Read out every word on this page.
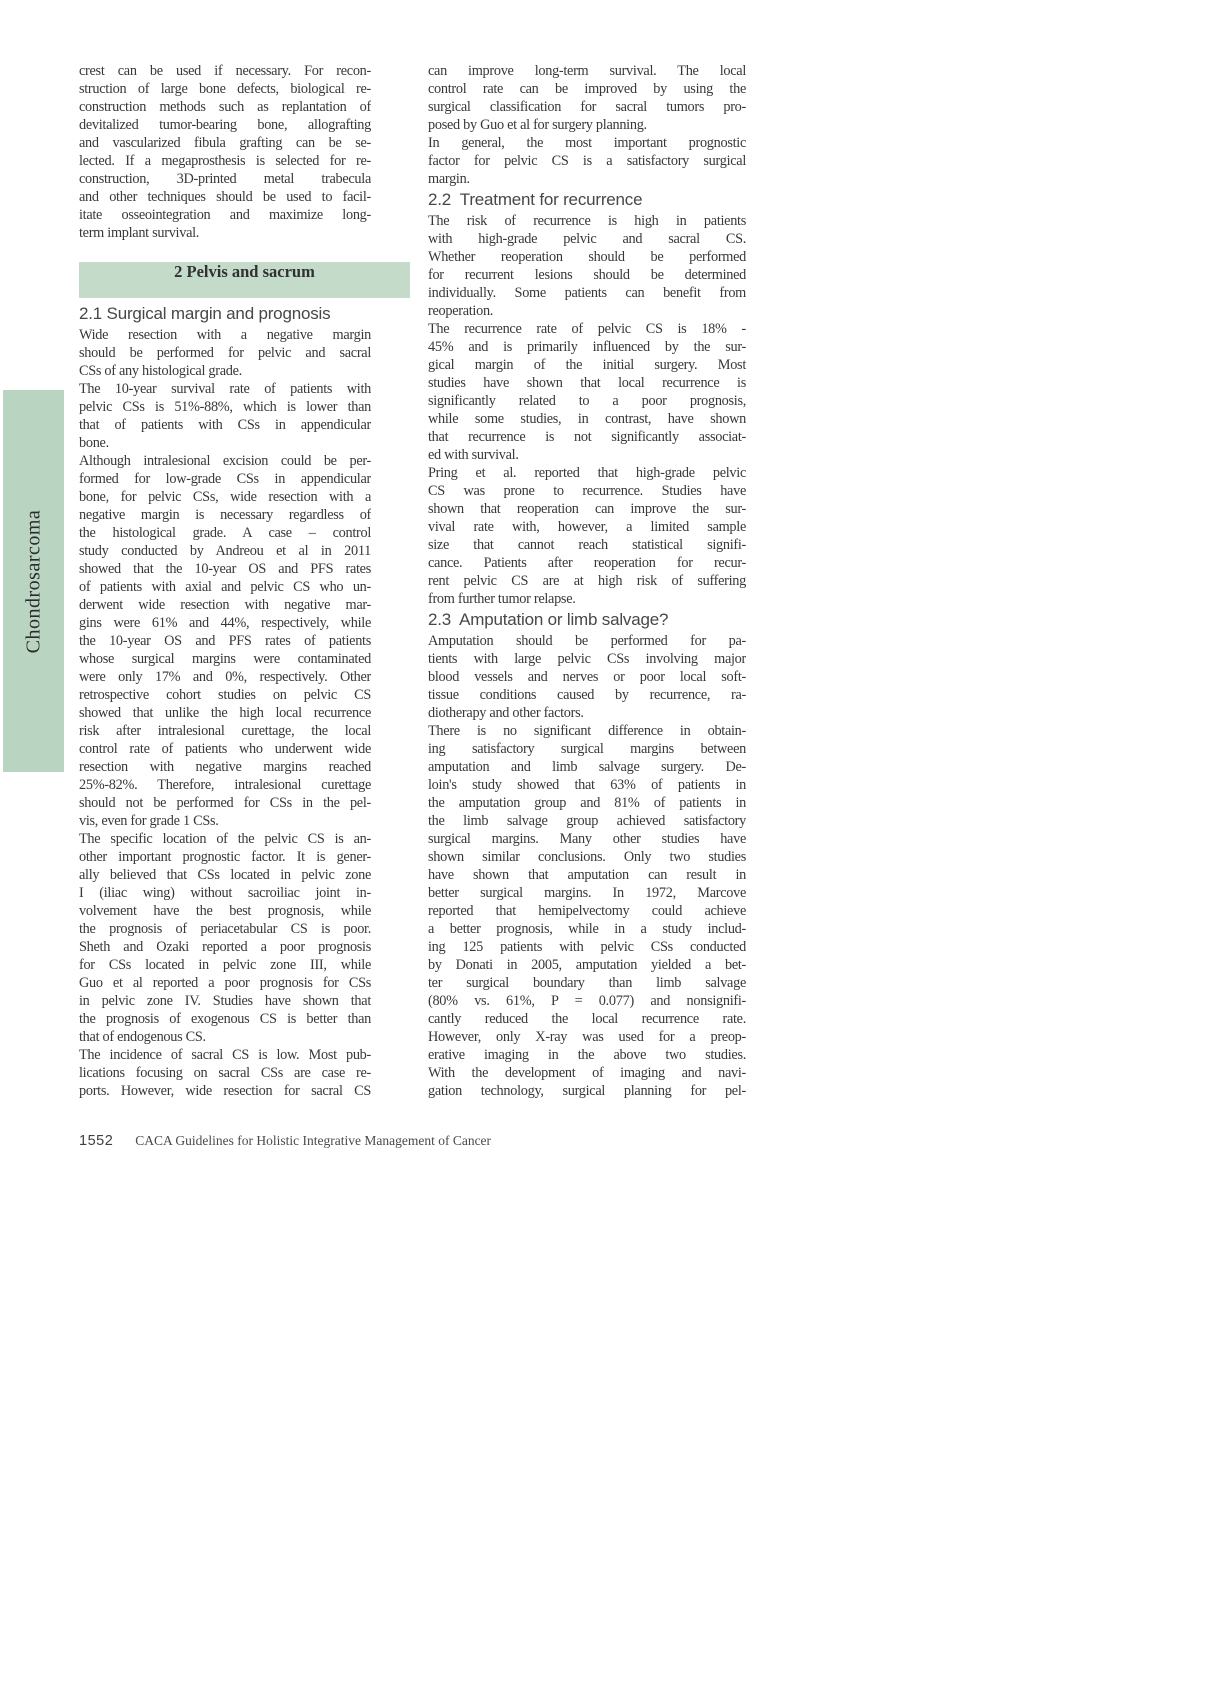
Chondrosarcoma
crest can be used if necessary. For recon-
struction of large bone defects, biological re-
construction methods such as replantation of
devitalized tumor-bearing bone, allografting
and vascularized fibula grafting can be se-
lected. If a megaprosthesis is selected for re-
construction, 3D-printed metal trabecula
and other techniques should be used to facil-
itate osseointegration and maximize long-
term implant survival.
2 Pelvis and sacrum
2.1 Surgical margin and prognosis
Wide resection with a negative margin
should be performed for pelvic and sacral
CSs of any histological grade.
The 10-year survival rate of patients with
pelvic CSs is 51%-88%, which is lower than
that of patients with CSs in appendicular
bone.
Although intralesional excision could be per-
formed for low-grade CSs in appendicular
bone, for pelvic CSs, wide resection with a
negative margin is necessary regardless of
the histological grade. A case – control
study conducted by Andreou et al in 2011
showed that the 10-year OS and PFS rates
of patients with axial and pelvic CS who un-
derwent wide resection with negative mar-
gins were 61% and 44%, respectively, while
the 10-year OS and PFS rates of patients
whose surgical margins were contaminated
were only 17% and 0%, respectively. Other
retrospective cohort studies on pelvic CS
showed that unlike the high local recurrence
risk after intralesional curettage, the local
control rate of patients who underwent wide
resection with negative margins reached
25%-82%. Therefore, intralesional curettage
should not be performed for CSs in the pel-
vis, even for grade 1 CSs.
The specific location of the pelvic CS is an-
other important prognostic factor. It is gener-
ally believed that CSs located in pelvic zone
I (iliac wing) without sacroiliac joint in-
volvement have the best prognosis, while
the prognosis of periacetabular CS is poor.
Sheth and Ozaki reported a poor prognosis
for CSs located in pelvic zone III, while
Guo et al reported a poor prognosis for CSs
in pelvic zone IV. Studies have shown that
the prognosis of exogenous CS is better than
that of endogenous CS.
The incidence of sacral CS is low. Most pub-
lications focusing on sacral CSs are case re-
ports. However, wide resection for sacral CS
can improve long-term survival. The local
control rate can be improved by using the
surgical classification for sacral tumors pro-
posed by Guo et al for surgery planning.
In general, the most important prognostic
factor for pelvic CS is a satisfactory surgical
margin.
2.2  Treatment for recurrence
The risk of recurrence is high in patients
with high-grade pelvic and sacral CS.
Whether reoperation should be performed
for recurrent lesions should be determined
individually. Some patients can benefit from
reoperation.
The recurrence rate of pelvic CS is 18% -
45% and is primarily influenced by the sur-
gical margin of the initial surgery. Most
studies have shown that local recurrence is
significantly related to a poor prognosis,
while some studies, in contrast, have shown
that recurrence is not significantly associat-
ed with survival.
Pring et al. reported that high-grade pelvic
CS was prone to recurrence. Studies have
shown that reoperation can improve the sur-
vival rate with, however, a limited sample
size that cannot reach statistical signifi-
cance. Patients after reoperation for recur-
rent pelvic CS are at high risk of suffering
from further tumor relapse.
2.3  Amputation or limb salvage?
Amputation should be performed for pa-
tients with large pelvic CSs involving major
blood vessels and nerves or poor local soft-
tissue conditions caused by recurrence, ra-
diotherapy and other factors.
There is no significant difference in obtain-
ing satisfactory surgical margins between
amputation and limb salvage surgery. De-
loin's study showed that 63% of patients in
the amputation group and 81% of patients in
the limb salvage group achieved satisfactory
surgical margins. Many other studies have
shown similar conclusions. Only two studies
have shown that amputation can result in
better surgical margins. In 1972, Marcove
reported that hemipelvectomy could achieve
a better prognosis, while in a study includ-
ing 125 patients with pelvic CSs conducted
by Donati in 2005, amputation yielded a bet-
ter surgical boundary than limb salvage
(80% vs. 61%, P = 0.077) and nonsignifi-
cantly reduced the local recurrence rate.
However, only X-ray was used for a preop-
erative imaging in the above two studies.
With the development of imaging and navi-
gation technology, surgical planning for pel-
1552 CACA Guidelines for Holistic Integrative Management of Cancer
